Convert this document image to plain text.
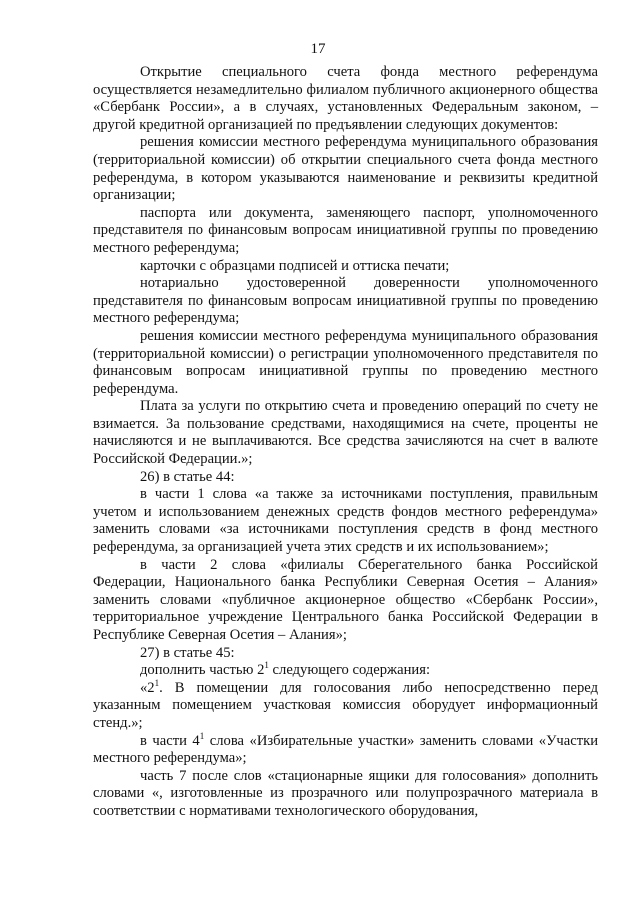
17

Открытие специального счета фонда местного референдума осуществляется незамедлительно филиалом публичного акционерного общества «Сбербанк России», а в случаях, установленных Федеральным законом, – другой кредитной организацией по предъявлении следующих документов:

решения комиссии местного референдума муниципального образования (территориальной комиссии) об открытии специального счета фонда местного референдума, в котором указываются наименование и реквизиты кредитной организации;

паспорта или документа, заменяющего паспорт, уполномоченного представителя по финансовым вопросам инициативной группы по проведению местного референдума;

карточки с образцами подписей и оттиска печати;

нотариально удостоверенной доверенности уполномоченного представителя по финансовым вопросам инициативной группы по проведению местного референдума;

решения комиссии местного референдума муниципального образования (территориальной комиссии) о регистрации уполномоченного представителя по финансовым вопросам инициативной группы по проведению местного референдума.

Плата за услуги по открытию счета и проведению операций по счету не взимается. За пользование средствами, находящимися на счете, проценты не начисляются и не выплачиваются. Все средства зачисляются на счет в валюте Российской Федерации.»;

26) в статье 44:

в части 1 слова «а также за источниками поступления, правильным учетом и использованием денежных средств фондов местного референдума» заменить словами «за источниками поступления средств в фонд местного референдума, за организацией учета этих средств и их использованием»;

в части 2 слова «филиалы Сберегательного банка Российской Федерации, Национального банка Республики Северная Осетия – Алания» заменить словами «публичное акционерное общество «Сбербанк России», территориальное учреждение Центрального банка Российской Федерации в Республике Северная Осетия – Алания»;

27) в статье 45:

дополнить частью $2^1$ следующего содержания:

«$2^1$. В помещении для голосования либо непосредственно перед указанным помещением участковая комиссия оборудует информационный стенд.»;

в части $4^1$ слова «Избирательные участки» заменить словами «Участки местного референдума»;

часть 7 после слов «стационарные ящики для голосования» дополнить словами «, изготовленные из прозрачного или полупрозрачного материала в соответствии с нормативами технологического оборудования,
